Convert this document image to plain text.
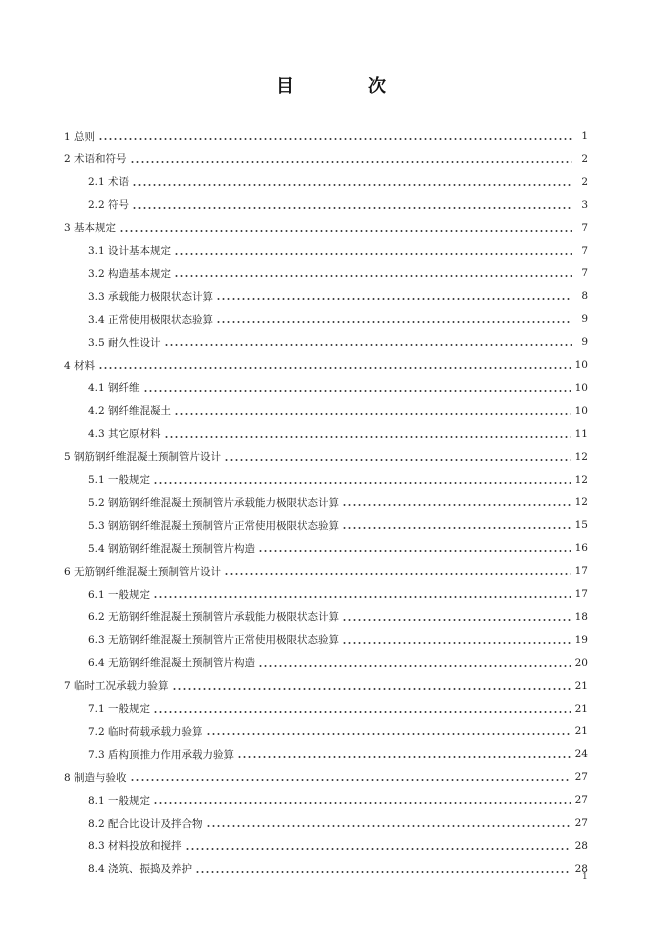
目　次
1 总则	1
2 术语和符号	2
2.1 术语	2
2.2 符号	3
3 基本规定	7
3.1 设计基本规定	7
3.2 构造基本规定	7
3.3 承载能力极限状态计算	8
3.4 正常使用极限状态验算	9
3.5 耐久性设计	9
4 材料	10
4.1 钢纤维	10
4.2 钢纤维混凝土	10
4.3 其它原材料	11
5 钢筋钢纤维混凝土预制管片设计	12
5.1 一般规定	12
5.2 钢筋钢纤维混凝土预制管片承载能力极限状态计算	12
5.3 钢筋钢纤维混凝土预制管片正常使用极限状态验算	15
5.4 钢筋钢纤维混凝土预制管片构造	16
6 无筋钢纤维混凝土预制管片设计	17
6.1 一般规定	17
6.2 无筋钢纤维混凝土预制管片承载能力极限状态计算	18
6.3 无筋钢纤维混凝土预制管片正常使用极限状态验算	19
6.4 无筋钢纤维混凝土预制管片构造	20
7 临时工况承载力验算	21
7.1 一般规定	21
7.2 临时荷载承载力验算	21
7.3 盾构顶推力作用承载力验算	24
8 制造与验收	27
8.1 一般规定	27
8.2 配合比设计及拌合物	27
8.3 材料投放和搅拌	28
8.4 浇筑、振捣及养护	28
1
